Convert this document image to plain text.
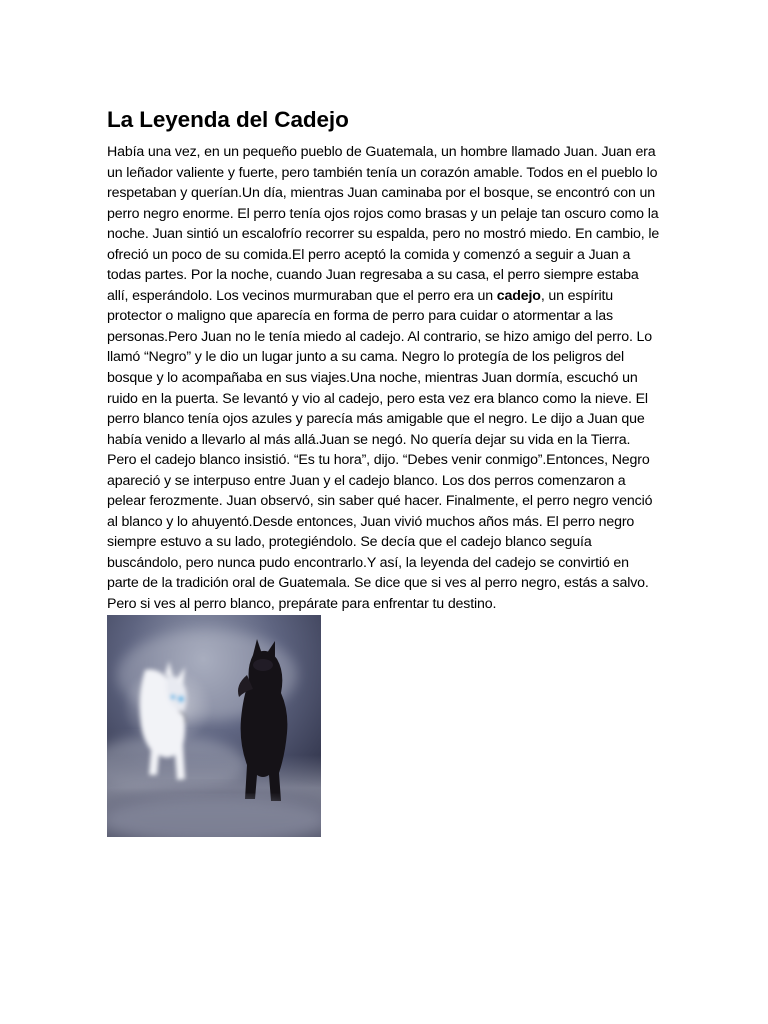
La Leyenda del Cadejo

Había una vez, en un pequeño pueblo de Guatemala, un hombre llamado Juan. Juan era un leñador valiente y fuerte, pero también tenía un corazón amable. Todos en el pueblo lo respetaban y querían.Un día, mientras Juan caminaba por el bosque, se encontró con un perro negro enorme. El perro tenía ojos rojos como brasas y un pelaje tan oscuro como la noche. Juan sintió un escalofrío recorrer su espalda, pero no mostró miedo. En cambio, le ofreció un poco de su comida.El perro aceptó la comida y comenzó a seguir a Juan a todas partes. Por la noche, cuando Juan regresaba a su casa, el perro siempre estaba allí, esperándolo. Los vecinos murmuraban que el perro era un cadejo, un espíritu protector o maligno que aparecía en forma de perro para cuidar o atormentar a las personas.Pero Juan no le tenía miedo al cadejo. Al contrario, se hizo amigo del perro. Lo llamó “Negro” y le dio un lugar junto a su cama. Negro lo protegía de los peligros del bosque y lo acompañaba en sus viajes.Una noche, mientras Juan dormía, escuchó un ruido en la puerta. Se levantó y vio al cadejo, pero esta vez era blanco como la nieve. El perro blanco tenía ojos azules y parecía más amigable que el negro. Le dijo a Juan que había venido a llevarlo al más allá.Juan se negó. No quería dejar su vida en la Tierra. Pero el cadejo blanco insistió. “Es tu hora”, dijo. “Debes venir conmigo”.Entonces, Negro apareció y se interpuso entre Juan y el cadejo blanco. Los dos perros comenzaron a pelear ferozmente. Juan observó, sin saber qué hacer. Finalmente, el perro negro venció al blanco y lo ahuyentó.Desde entonces, Juan vivió muchos años más. El perro negro siempre estuvo a su lado, protegiéndolo. Se decía que el cadejo blanco seguía buscándolo, pero nunca pudo encontrarlo.Y así, la leyenda del cadejo se convirtió en parte de la tradición oral de Guatemala. Se dice que si ves al perro negro, estás a salvo. Pero si ves al perro blanco, prepárate para enfrentar tu destino.
